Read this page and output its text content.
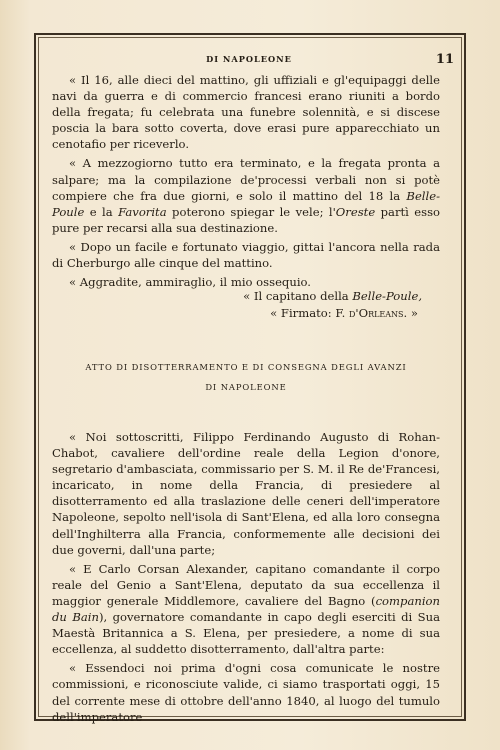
DI NAPOLEONE	11

« Il 16, alle dieci del mattino, gli uffiziali e gl'equipaggi delle navi da guerra e di commercio francesi erano riuniti a bordo della fregata; fu celebrata una funebre solennità, e si discese poscia la bara sotto coverta, dove erasi pure apparecchiato un cenotafio per riceverlo.

« A mezzogiorno tutto era terminato, e la fregata pronta a salpare; ma la compilazione de'processi verbali non si potè compiere che fra due giorni, e solo il mattino del 18 la Belle-Poule e la Favorita poterono spiegar le vele; l'Oreste partì esso pure per recarsi alla sua destinazione.

« Dopo un facile e fortunato viaggio, gittai l'ancora nella rada di Cherburgo alle cinque del mattino.

« Aggradite, ammiraglio, il mio ossequio.

« Il capitano della Belle-Poule,
« Firmato: F. d'Orleans. »
ATTO DI DISOTTERRAMENTO E DI CONSEGNA DEGLI AVANZI
DI NAPOLEONE

« Noi sottoscritti, Filippo Ferdinando Augusto di Rohan-Chabot, cavaliere dell'ordine reale della Legion d'onore, segretario d'ambasciata, commissario per S. M. il Re de'Francesi, incaricato, in nome della Francia, di presiedere al disotterramento ed alla traslazione delle ceneri dell'imperatore Napoleone, sepolto nell'isola di Sant'Elena, ed alla loro consegna dell'Inghilterra alla Francia, conformemente alle decisioni dei due governi, dall'una parte;

« E Carlo Corsan Alexander, capitano comandante il corpo reale del Genio a Sant'Elena, deputato da sua eccellenza il maggior generale Middlemore, cavaliere del Bagno (companion du Bain), governatore comandante in capo degli eserciti di Sua Maestà Britannica a S. Elena, per presiedere, a nome di sua eccellenza, al suddetto disotterramento, dall'altra parte:

« Essendoci noi prima d'ogni cosa comunicate le nostre commissioni, e riconosciute valide, ci siamo trasportati oggi, 15 del corrente mese di ottobre dell'anno 1840, al luogo del tumulo dell'imperatore
